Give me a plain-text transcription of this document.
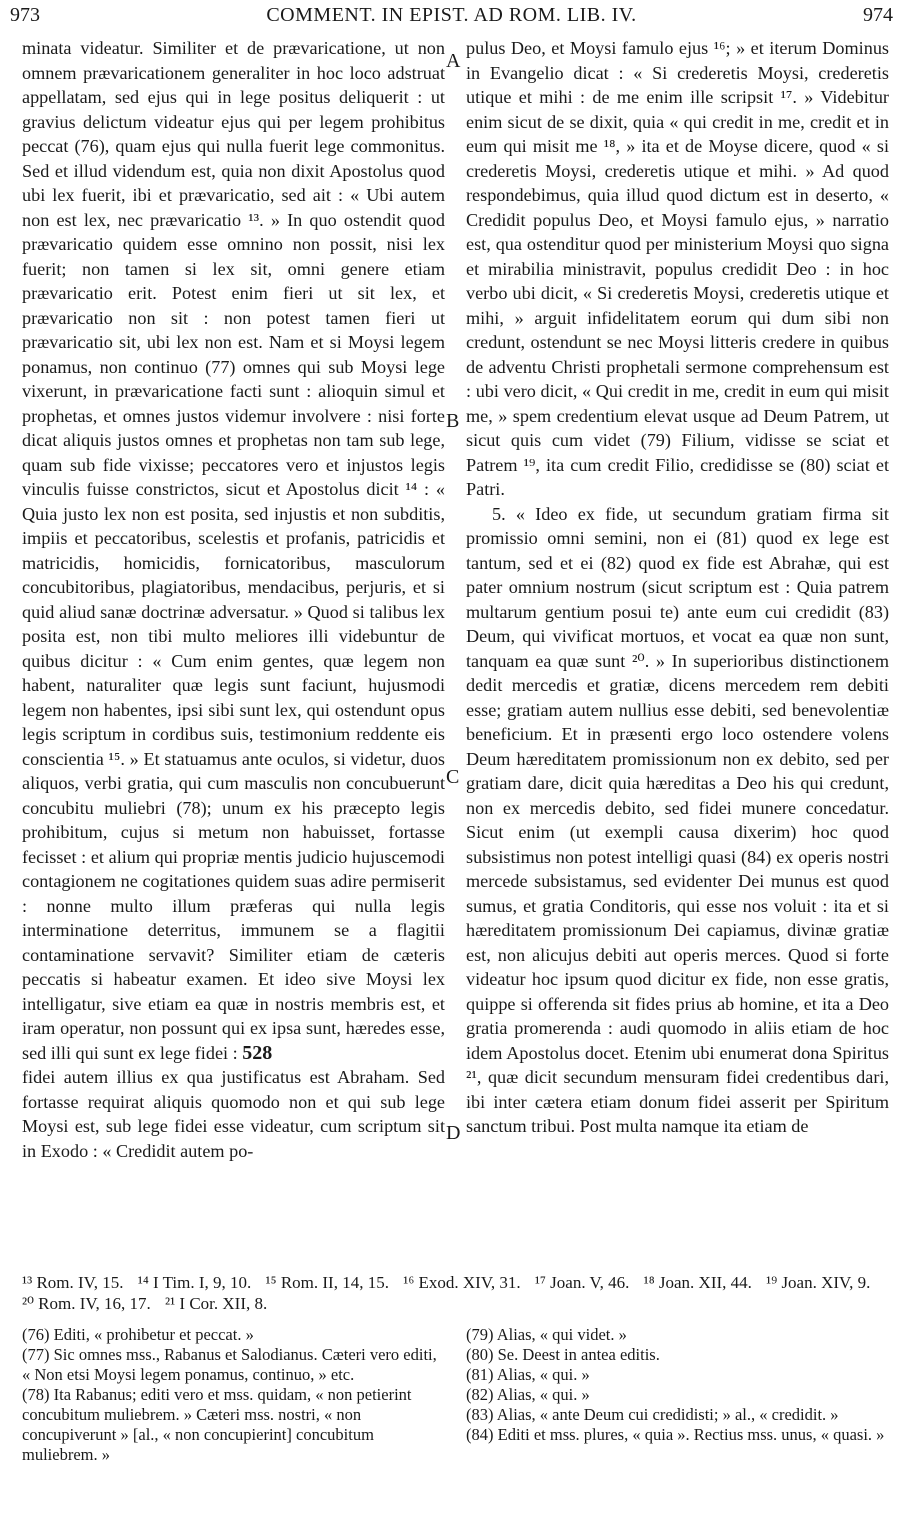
973	COMMENT. IN EPIST. AD ROM. LIB. IV.	974

minata videatur. Similiter et de prævaricatione, ut non omnem prævaricationem generaliter in hoc loco adstruat appellatam, sed ejus qui in lege positus deliquerit : ut gravius delictum videatur ejus qui per legem prohibitus peccat (76), quam ejus qui nulla fuerit lege commonitus. Sed et illud videndum est, quia non dixit Apostolus quod ubi lex fuerit, ibi et prævaricatio, sed ait : « Ubi autem non est lex, nec prævaricatio ¹³. » In quo ostendit quod prævaricatio quidem esse omnino non possit, nisi lex fuerit; non tamen si lex sit, omni genere etiam prævaricatio erit. Potest enim fieri ut sit lex, et prævaricatio non sit : non potest tamen fieri ut prævaricatio sit, ubi lex non est. Nam et si Moysi legem ponamus, non continuo (77) omnes qui sub Moysi lege vixerunt, in prævaricatione facti sunt : alioquin simul et prophetas, et omnes justos videmur involvere : nisi forte dicat aliquis justos omnes et prophetas non tam sub lege, quam sub fide vixisse; peccatores vero et injustos legis vinculis fuisse constrictos, sicut et Apostolus dicit ¹⁴ : « Quia justo lex non est posita, sed injustis et non subditis, impiis et peccatoribus, scelestis et profanis, patricidis et matricidis, homicidis, fornicatoribus, masculorum concubitoribus, plagiatoribus, mendacibus, perjuris, et si quid aliud sanæ doctrinæ adversatur. » Quod si talibus lex posita est, non tibi multo meliores illi videbuntur de quibus dicitur : « Cum enim gentes, quæ legem non habent, naturaliter quæ legis sunt faciunt, hujusmodi legem non habentes, ipsi sibi sunt lex, qui ostendunt opus legis scriptum in cordibus suis, testimonium reddente eis conscientia ¹⁵. » Et statuamus ante oculos, si videtur, duos aliquos, verbi gratia, qui cum masculis non concubuerunt concubitu muliebri (78); unum ex his præcepto legis prohibitum, cujus si metum non habuisset, fortasse fecisset : et alium qui propriæ mentis judicio hujuscemodi contagionem ne cogitationes quidem suas adire permiserit : nonne multo illum præferas qui nulla legis interminatione deterritus, immunem se a flagitii contaminatione servavit? Similiter etiam de cæteris peccatis si habeatur examen. Et ideo sive Moysi lex intelligatur, sive etiam ea quæ in nostris membris est, et iram operatur, non possunt qui ex ipsa sunt, hæredes esse, sed illi qui sunt ex lege fidei : 528

fidei autem illius ex qua justificatus est Abraham. Sed fortasse requirat aliquis quomodo non et qui sub lege Moysi est, sub lege fidei esse videatur, cum scriptum sit in Exodo : « Credidit autem po-

A
B
C
D

pulus Deo, et Moysi famulo ejus ¹⁶; » et iterum Dominus in Evangelio dicat : « Si crederetis Moysi, crederetis utique et mihi : de me enim ille scripsit ¹⁷. » Videbitur enim sicut de se dixit, quia « qui credit in me, credit et in eum qui misit me ¹⁸, » ita et de Moyse dicere, quod « si crederetis Moysi, crederetis utique et mihi. » Ad quod respondebimus, quia illud quod dictum est in deserto, « Credidit populus Deo, et Moysi famulo ejus, » narratio est, qua ostenditur quod per ministerium Moysi quo signa et mirabilia ministravit, populus credidit Deo : in hoc verbo ubi dicit, « Si crederetis Moysi, crederetis utique et mihi, » arguit infidelitatem eorum qui dum sibi non credunt, ostendunt se nec Moysi litteris credere in quibus de adventu Christi prophetali sermone comprehensum est : ubi vero dicit, « Qui credit in me, credit in eum qui misit me, » spem credentium elevat usque ad Deum Patrem, ut sicut quis cum videt (79) Filium, vidisse se sciat et Patrem ¹⁹, ita cum credit Filio, credidisse se (80) sciat et Patri.

5. « Ideo ex fide, ut secundum gratiam firma sit promissio omni semini, non ei (81) quod ex lege est tantum, sed et ei (82) quod ex fide est Abrahæ, qui est pater omnium nostrum (sicut scriptum est : Quia patrem multarum gentium posui te) ante eum cui credidit (83) Deum, qui vivificat mortuos, et vocat ea quæ non sunt, tanquam ea quæ sunt ²⁰. » In superioribus distinctionem dedit mercedis et gratiæ, dicens mercedem rem debiti esse; gratiam autem nullius esse debiti, sed benevolentiæ beneficium. Et in præsenti ergo loco ostendere volens Deum hæreditatem promissionum non ex debito, sed per gratiam dare, dicit quia hæreditas a Deo his qui credunt, non ex mercedis debito, sed fidei munere concedatur. Sicut enim (ut exempli causa dixerim) hoc quod subsistimus non potest intelligi quasi (84) ex operis nostri mercede subsistamus, sed evidenter Dei munus est quod sumus, et gratia Conditoris, qui esse nos voluit : ita et si hæreditatem promissionum Dei capiamus, divinæ gratiæ est, non alicujus debiti aut operis merces. Quod si forte videatur hoc ipsum quod dicitur ex fide, non esse gratis, quippe si offerenda sit fides prius ab homine, et ita a Deo gratia promerenda : audi quomodo in aliis etiam de hoc idem Apostolus docet. Etenim ubi enumerat dona Spiritus ²¹, quæ dicit secundum mensuram fidei credentibus dari, ibi inter cætera etiam donum fidei asserit per Spiritum sanctum tribui. Post multa namque ita etiam de

¹³ Rom. IV, 15. ¹⁴ I Tim. I, 9, 10. ¹⁵ Rom. II, 14, 15. ¹⁶ Exod. XIV, 31. ¹⁷ Joan. V, 46. ¹⁸ Joan. XII, 44. ¹⁹ Joan. XIV, 9. ²⁰ Rom. IV, 16, 17. ²¹ I Cor. XII, 8.

(76) Editi, « prohibetur et peccat. »

(77) Sic omnes mss., Rabanus et Salodianus. Cæteri vero editi, « Non etsi Moysi legem ponamus, continuo, » etc.

(78) Ita Rabanus; editi vero et mss. quidam, « non petierint concubitum muliebrem. » Cæteri mss. nostri, « non concupiverunt » [al., « non concupierint] concubitum muliebrem. »

(79) Alias, « qui videt. »

(80) Se. Deest in antea editis.

(81) Alias, « qui. »

(82) Alias, « qui. »

(83) Alias, « ante Deum cui credidisti; » al., « credidit. »

(84) Editi et mss. plures, « quia ». Rectius mss. unus, « quasi. »
